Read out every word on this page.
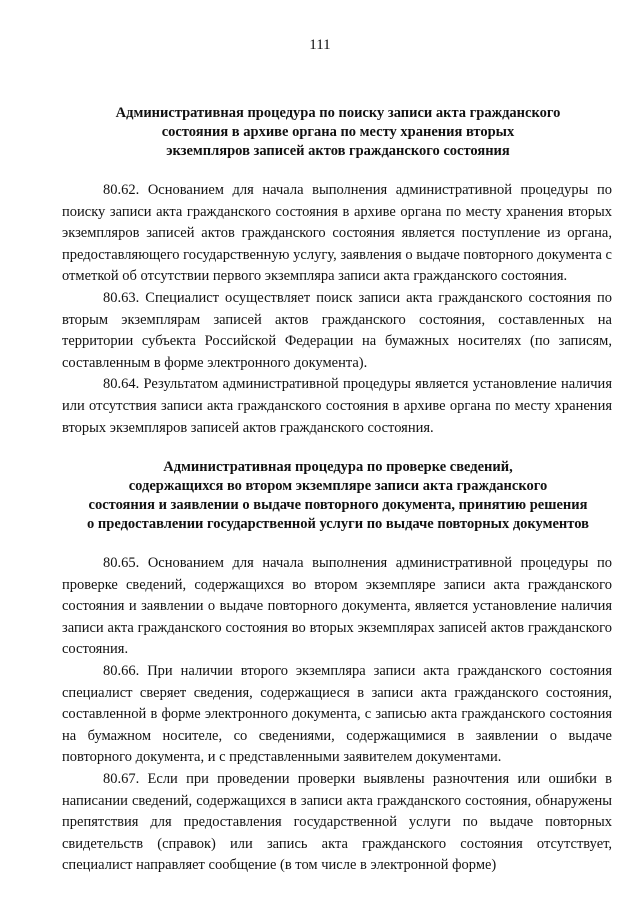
111
Административная процедура по поиску записи акта гражданского
состояния в архиве органа по месту хранения вторых
экземпляров записей актов гражданского состояния

80.62. Основанием для начала выполнения административной процедуры по поиску записи акта гражданского состояния в архиве органа по месту хранения вторых экземпляров записей актов гражданского состояния является поступление из органа, предоставляющего государственную услугу, заявления о выдаче повторного документа с отметкой об отсутствии первого экземпляра записи акта гражданского состояния.

80.63. Специалист осуществляет поиск записи акта гражданского состояния по вторым экземплярам записей актов гражданского состояния, составленных на территории субъекта Российской Федерации на бумажных носителях (по записям, составленным в форме электронного документа).

80.64. Результатом административной процедуры является установление наличия или отсутствия записи акта гражданского состояния в архиве органа по месту хранения вторых экземпляров записей актов гражданского состояния.

Административная процедура по проверке сведений,
содержащихся во втором экземпляре записи акта гражданского
состояния и заявлении о выдаче повторного документа, принятию решения
о предоставлении государственной услуги по выдаче повторных документов

80.65. Основанием для начала выполнения административной процедуры по проверке сведений, содержащихся во втором экземпляре записи акта гражданского состояния и заявлении о выдаче повторного документа, является установление наличия записи акта гражданского состояния во вторых экземплярах записей актов гражданского состояния.

80.66. При наличии второго экземпляра записи акта гражданского состояния специалист сверяет сведения, содержащиеся в записи акта гражданского состояния, составленной в форме электронного документа, с записью акта гражданского состояния на бумажном носителе, со сведениями, содержащимися в заявлении о выдаче повторного документа, и с представленными заявителем документами.

80.67. Если при проведении проверки выявлены разночтения или ошибки в написании сведений, содержащихся в записи акта гражданского состояния, обнаружены препятствия для предоставления государственной услуги по выдаче повторных свидетельств (справок) или запись акта гражданского состояния отсутствует, специалист направляет сообщение (в том числе в электронной форме)
